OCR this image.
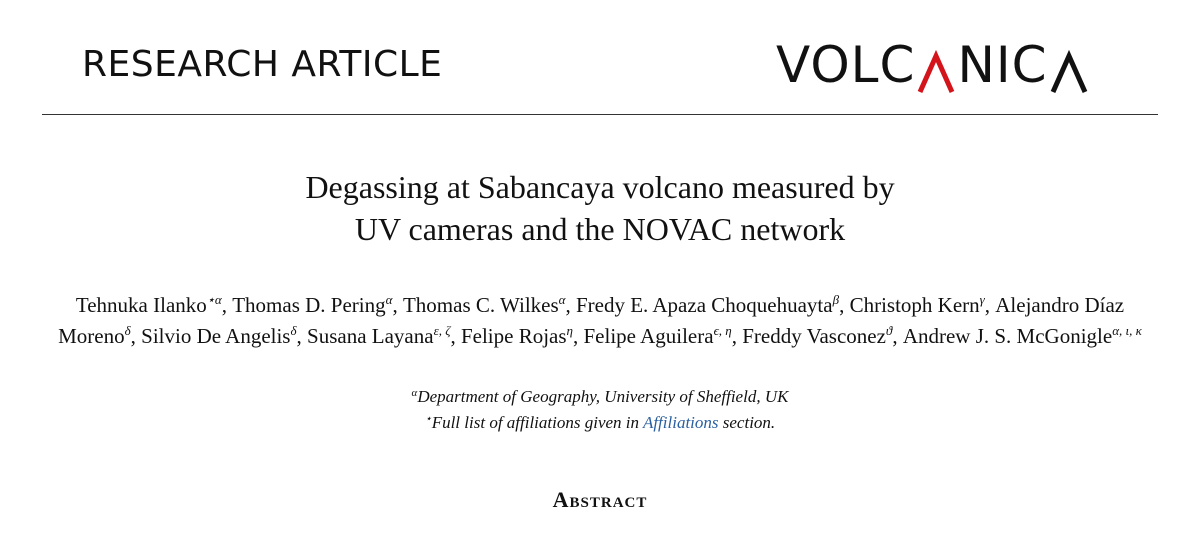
RESEARCH ARTICLE	VOLC NIC
Degassing at Sabancaya volcano measured by
UV cameras and the NOVAC network
Tehnuka Ilanko$^{⋆\alpha}$, Thomas D. Pering$^\alpha$, Thomas C. Wilkes$^\alpha$, Fredy E. Apaza Choquehuayta$^\beta$, Christoph Kern$^\gamma$, Alejandro Díaz Moreno$^\delta$, Silvio De Angelis$^\delta$, Susana Layana$^{\varepsilon, \zeta}$, Felipe Rojas$^\eta$, Felipe Aguilera$^{\epsilon, \eta}$, Freddy Vasconez$^ϑ$, Andrew J. S. McGonigle$^{\alpha, \iota, \kappa}$
$^\alpha$Department of Geography, University of Sheffield, UK
⋆Full list of affiliations given in Affiliations section.
Abstract
